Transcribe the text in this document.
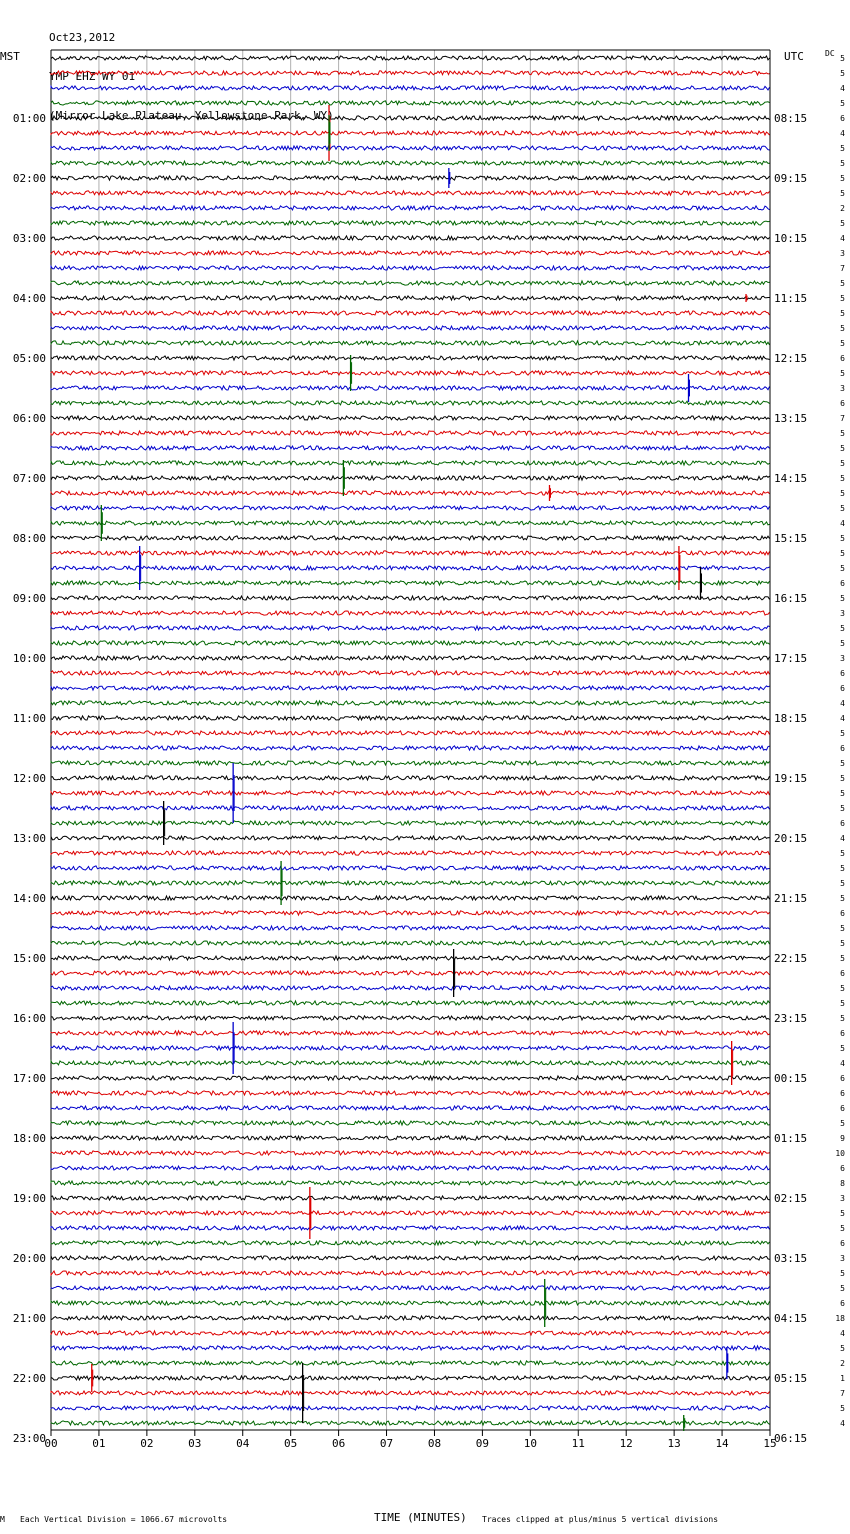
Oct23,2012

YMP EHZ WY 01

(Mirror Lake Plateau, Yellowstone Park, WY)

MST	UTC	DC
00	01	02	03	04	05	06	07	08	09	10	11	12	13	14	15
5
5
4
5
6
4
5
5
5
5
2
5
4
3
7
5
5
5
5
5
6
5
3
6
7
5
5
5
5
5
5
4
5
5
5
6
5
3
5
5
3
6
6
4
4
5
6
5
5
5
5
6
4
5
5
5
5
6
5
5
5
6
5
5
5
6
5
4
6
6
6
5
9
10
6
8
3
5
5
6
3
5
5
6
18
4
5
2
1
7
5
4
01:00	08:15
02:00	09:15
03:00	10:15
04:00	11:15
05:00	12:15
06:00	13:15
07:00	14:15
08:00	15:15
09:00	16:15
10:00	17:15
11:00	18:15
12:00	19:15
13:00	20:15
14:00	21:15
15:00	22:15
16:00	23:15
17:00	00:15
18:00	01:15
19:00	02:15
20:00	03:15
21:00	04:15
22:00	05:15
23:00	06:15
TIME (MINUTES)
M Each Vertical Division = 1066.67 microvolts	Traces clipped at plus/minus 5 vertical divisions
